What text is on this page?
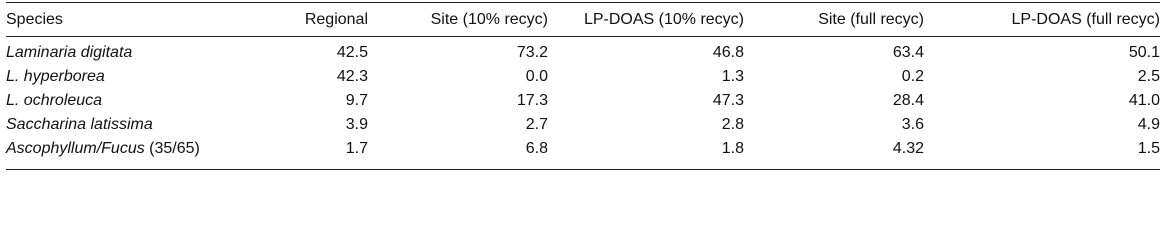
Species	Regional	Site (10% recyc)	LP-DOAS (10% recyc)	Site (full recyc)	LP-DOAS (full recyc)
Laminaria digitata	42.5	73.2	46.8	63.4	50.1
L. hyperborea	42.3	0.0	1.3	0.2	2.5
L. ochroleuca	9.7	17.3	47.3	28.4	41.0
Saccharina latissima	3.9	2.7	2.8	3.6	4.9
Ascophyllum/Fucus (35/65)	1.7	6.8	1.8	4.32	1.5
